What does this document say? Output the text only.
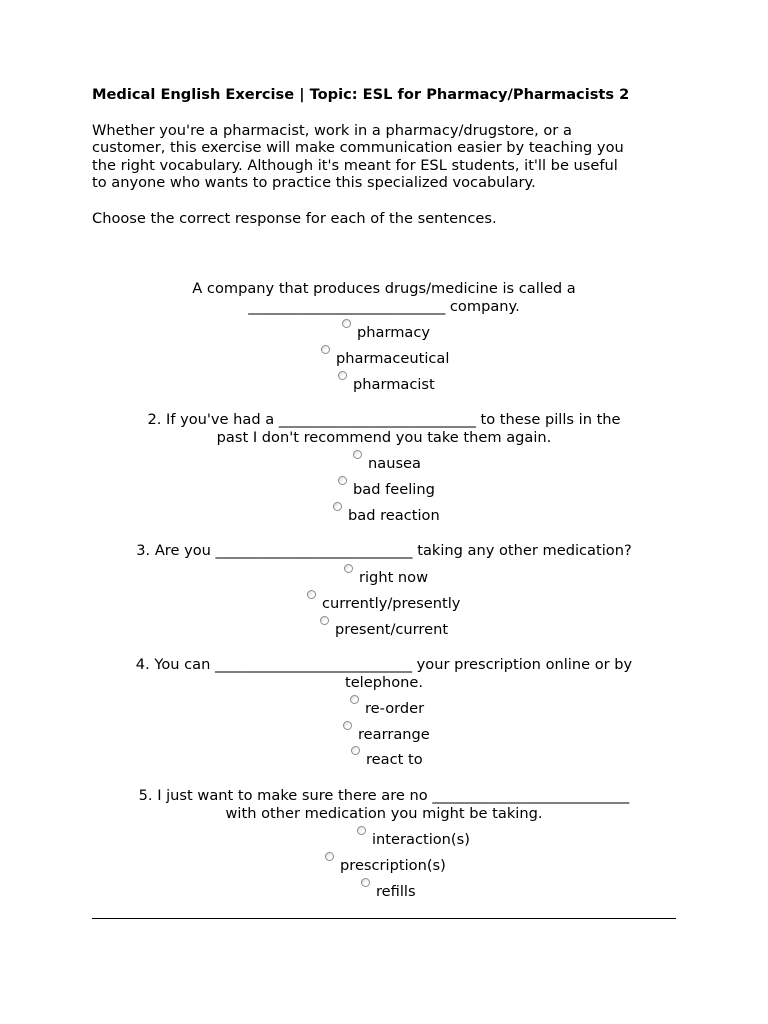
Medical English Exercise | Topic: ESL for Pharmacy/Pharmacists 2

Whether you're a pharmacist, work in a pharmacy/drugstore, or a

customer, this exercise will make communication easier by teaching you

the right vocabulary. Although it's meant for ESL students, it'll be useful

to anyone who wants to practice this specialized vocabulary.

Choose the correct response for each of the sentences.
A company that produces drugs/medicine is called a
___________________________ company.
pharmacy
pharmaceutical
pharmacist
2. If you've had a ___________________________ to these pills in the
past I don't recommend you take them again.
nausea
bad feeling
bad reaction
3. Are you ___________________________ taking any other medication?
right now
currently/presently
present/current
4. You can ___________________________ your prescription online or by
telephone.
re-order
rearrange
react to
5. I just want to make sure there are no ___________________________
with other medication you might be taking.
interaction(s)
prescription(s)
refills
